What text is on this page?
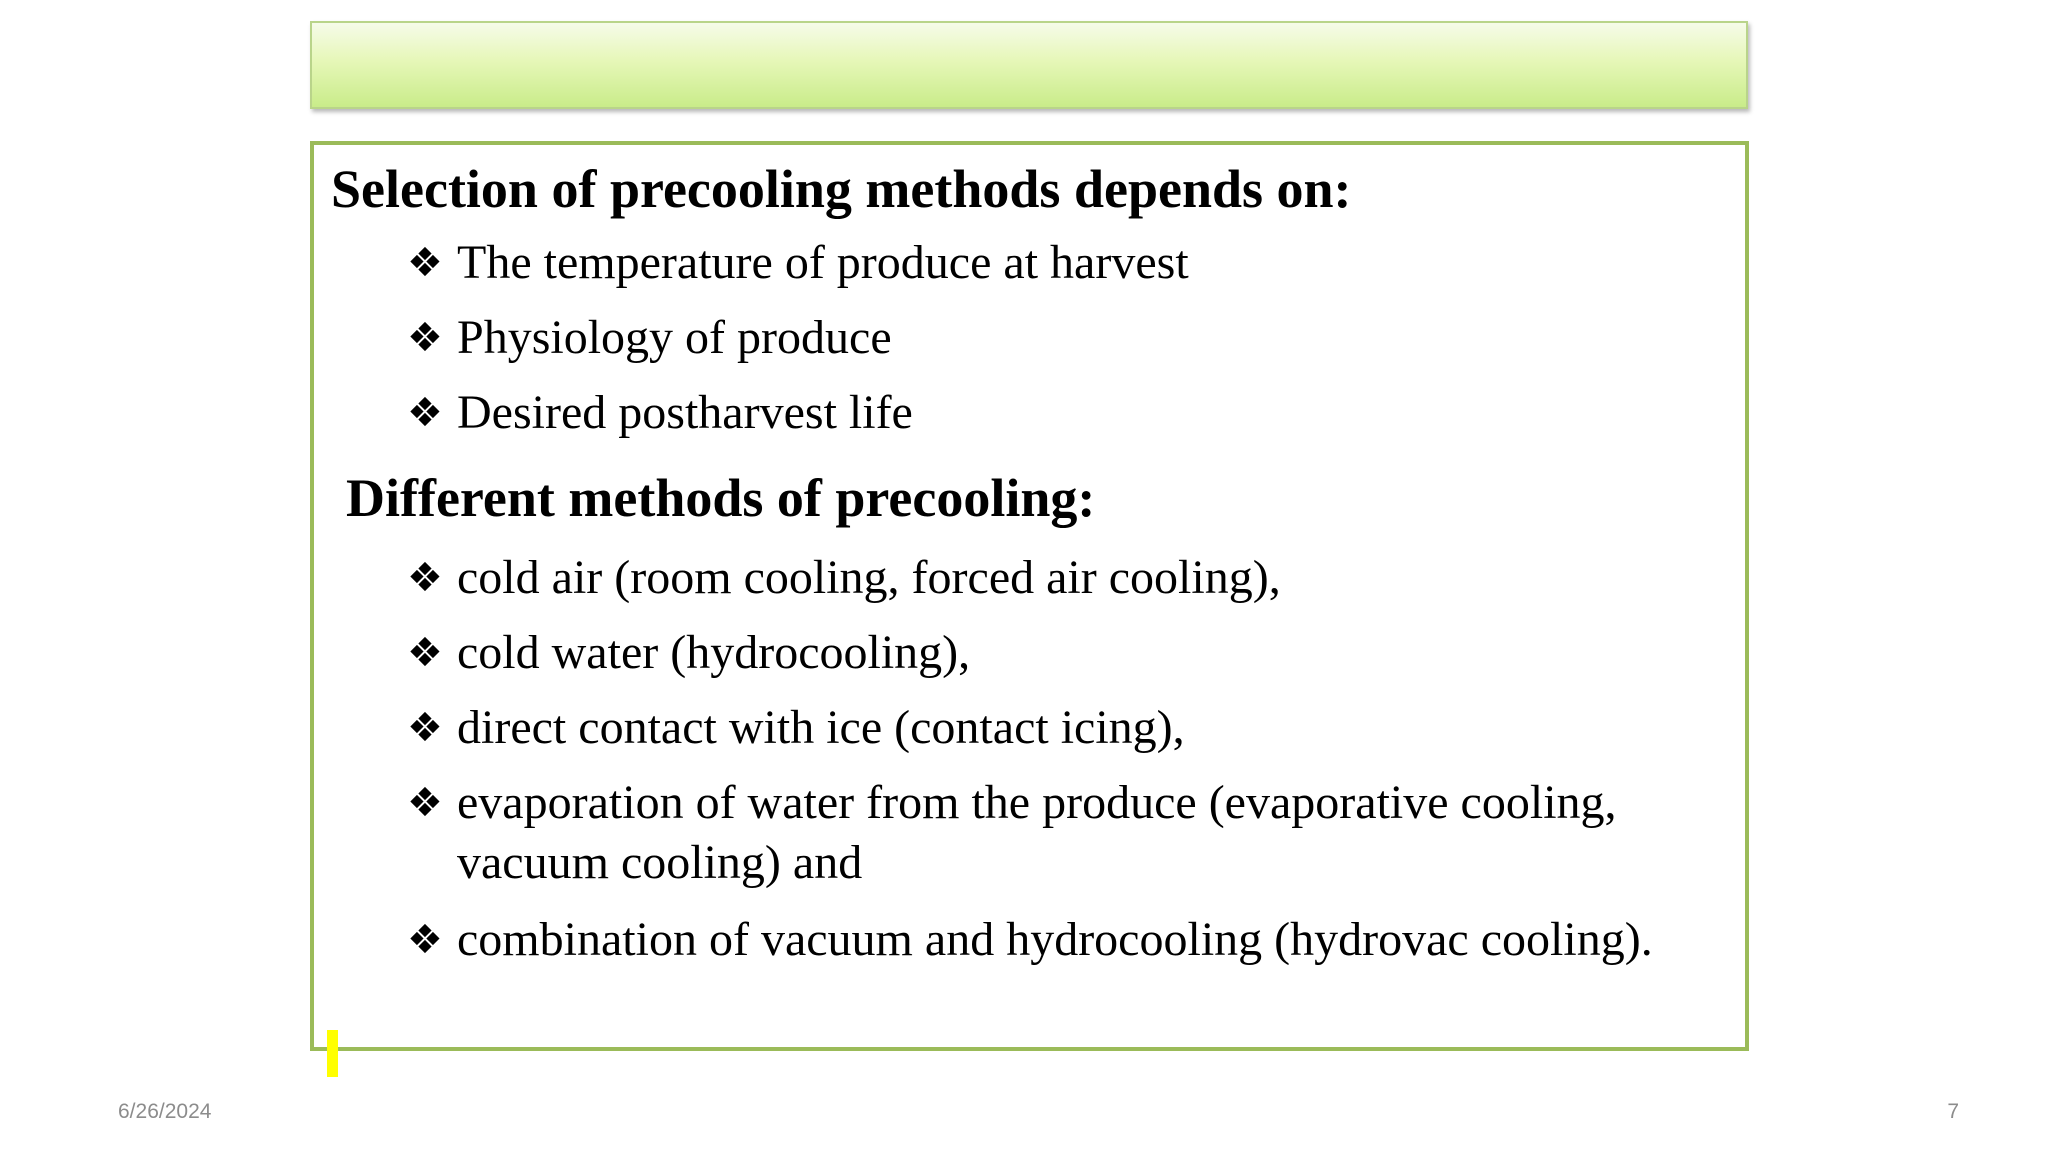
Selection of precooling methods depends on:
❖ The temperature of produce at harvest
❖ Physiology of produce
❖ Desired postharvest life
Different methods of precooling:
❖ cold air (room cooling, forced air cooling),
❖ cold water (hydrocooling),
❖ direct contact with ice (contact icing),
❖ evaporation of water from the produce (evaporative cooling, vacuum cooling) and
❖ combination of vacuum and hydrocooling (hydrovac cooling).
6/26/2024	7
